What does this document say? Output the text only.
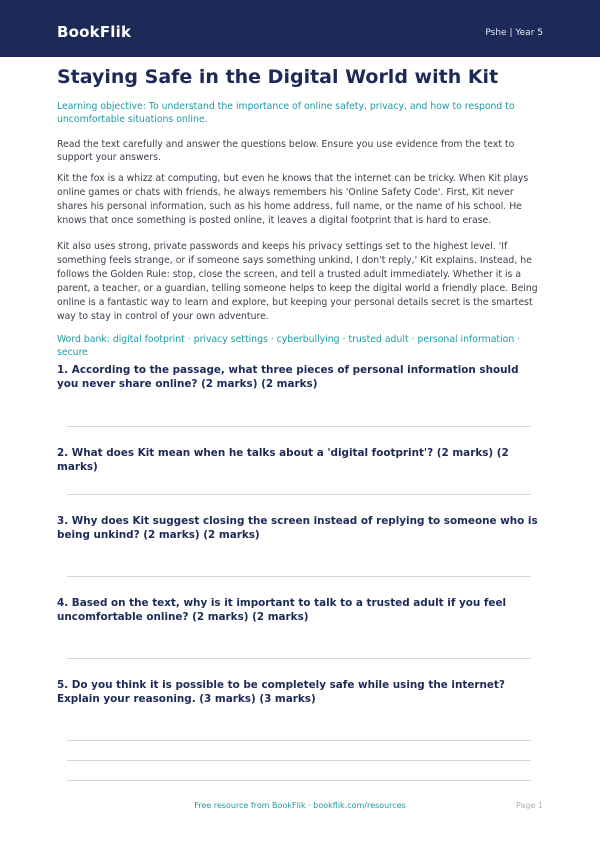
BookFlik	Pshe | Year 5
Staying Safe in the Digital World with Kit
Learning objective: To understand the importance of online safety, privacy, and how to respond to uncomfortable situations online.
Read the text carefully and answer the questions below. Ensure you use evidence from the text to support your answers.
Kit the fox is a whizz at computing, but even he knows that the internet can be tricky. When Kit plays online games or chats with friends, he always remembers his 'Online Safety Code'. First, Kit never shares his personal information, such as his home address, full name, or the name of his school. He knows that once something is posted online, it leaves a digital footprint that is hard to erase.
Kit also uses strong, private passwords and keeps his privacy settings set to the highest level. 'If something feels strange, or if someone says something unkind, I don't reply,' Kit explains. Instead, he follows the Golden Rule: stop, close the screen, and tell a trusted adult immediately. Whether it is a parent, a teacher, or a guardian, telling someone helps to keep the digital world a friendly place. Being online is a fantastic way to learn and explore, but keeping your personal details secret is the smartest way to stay in control of your own adventure.
Word bank: digital footprint · privacy settings · cyberbullying · trusted adult · personal information · secure
1. According to the passage, what three pieces of personal information should you never share online? (2 marks) (2 marks)
2. What does Kit mean when he talks about a 'digital footprint'? (2 marks) (2 marks)
3. Why does Kit suggest closing the screen instead of replying to someone who is being unkind? (2 marks) (2 marks)
4. Based on the text, why is it important to talk to a trusted adult if you feel uncomfortable online? (2 marks) (2 marks)
5. Do you think it is possible to be completely safe while using the internet? Explain your reasoning. (3 marks) (3 marks)
Free resource from BookFlik · bookflik.com/resources	Page 1
